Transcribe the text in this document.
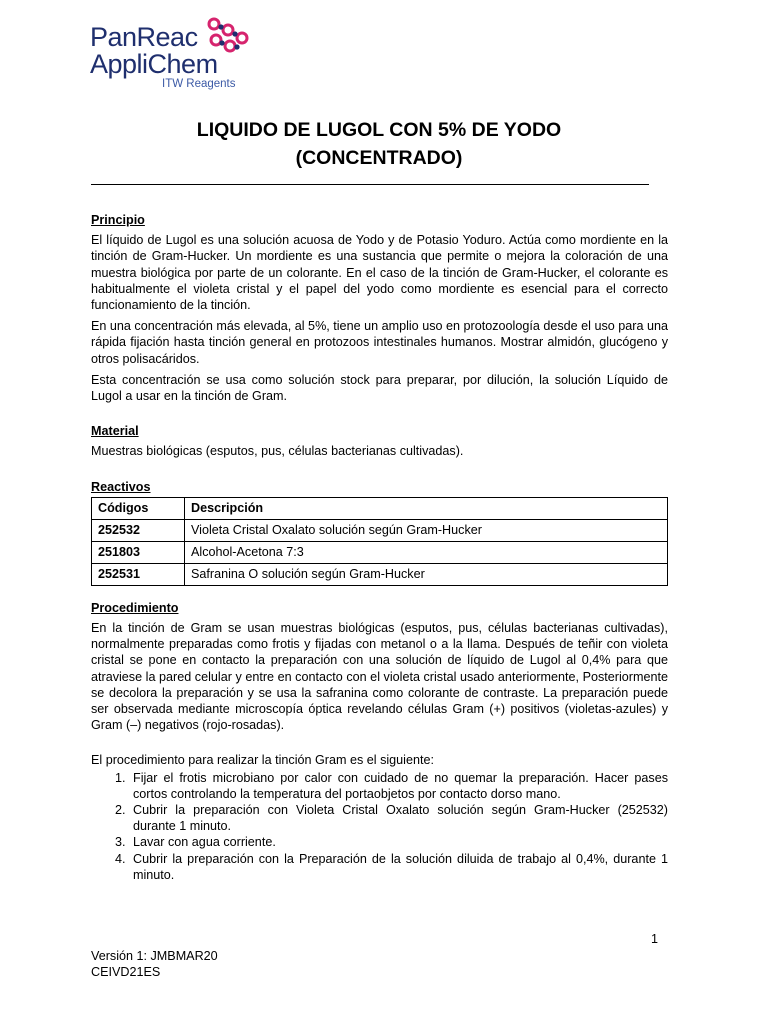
PanReac
AppliChem
ITW Reagents
LIQUIDO DE LUGOL CON 5% DE YODO
(CONCENTRADO)
Principio

El líquido de Lugol es una solución acuosa de Yodo y de Potasio Yoduro. Actúa como mordiente en la tinción de Gram-Hucker. Un mordiente es una sustancia que permite o mejora la coloración de una muestra biológica por parte de un colorante. En el caso de la tinción de Gram-Hucker, el colorante es habitualmente el violeta cristal y el papel del yodo como mordiente es esencial para el correcto funcionamiento de la tinción.

En una concentración más elevada, al 5%, tiene un amplio uso en protozoología desde el uso para una rápida fijación hasta tinción general en protozoos intestinales humanos. Mostrar almidón, glucógeno y otros polisacáridos.

Esta concentración se usa como solución stock para preparar, por dilución, la solución Líquido de Lugol a usar en la tinción de Gram.

Material

Muestras biológicas (esputos, pus, células bacterianas cultivadas).

Reactivos
Códigos	Descripción
252532	Violeta Cristal Oxalato solución según Gram-Hucker
251803	Alcohol-Acetona 7:3
252531	Safranina O solución según Gram-Hucker
Procedimiento

En la tinción de Gram se usan muestras biológicas (esputos, pus, células bacterianas cultivadas), normalmente preparadas como frotis y fijadas con metanol o a la llama. Después de teñir con violeta cristal se pone en contacto la preparación con una solución de líquido de Lugol al 0,4% para que atraviese la pared celular y entre en contacto con el violeta cristal usado anteriormente, Posteriormente se decolora la preparación y se usa la safranina como colorante de contraste. La preparación puede ser observada mediante microscopía óptica revelando células Gram (+) positivos (violetas-azules) y Gram (–) negativos (rojo-rosadas).

El procedimiento para realizar la tinción Gram es el siguiente:

1. Fijar el frotis microbiano por calor con cuidado de no quemar la preparación. Hacer pases cortos controlando la temperatura del portaobjetos por contacto dorso mano.
2. Cubrir la preparación con Violeta Cristal Oxalato solución según Gram-Hucker (252532) durante 1 minuto.
3. Lavar con agua corriente.
4. Cubrir la preparación con la Preparación de la solución diluida de trabajo al 0,4%, durante 1 minuto.
1
Versión 1: JMBMAR20
CEIVD21ES
